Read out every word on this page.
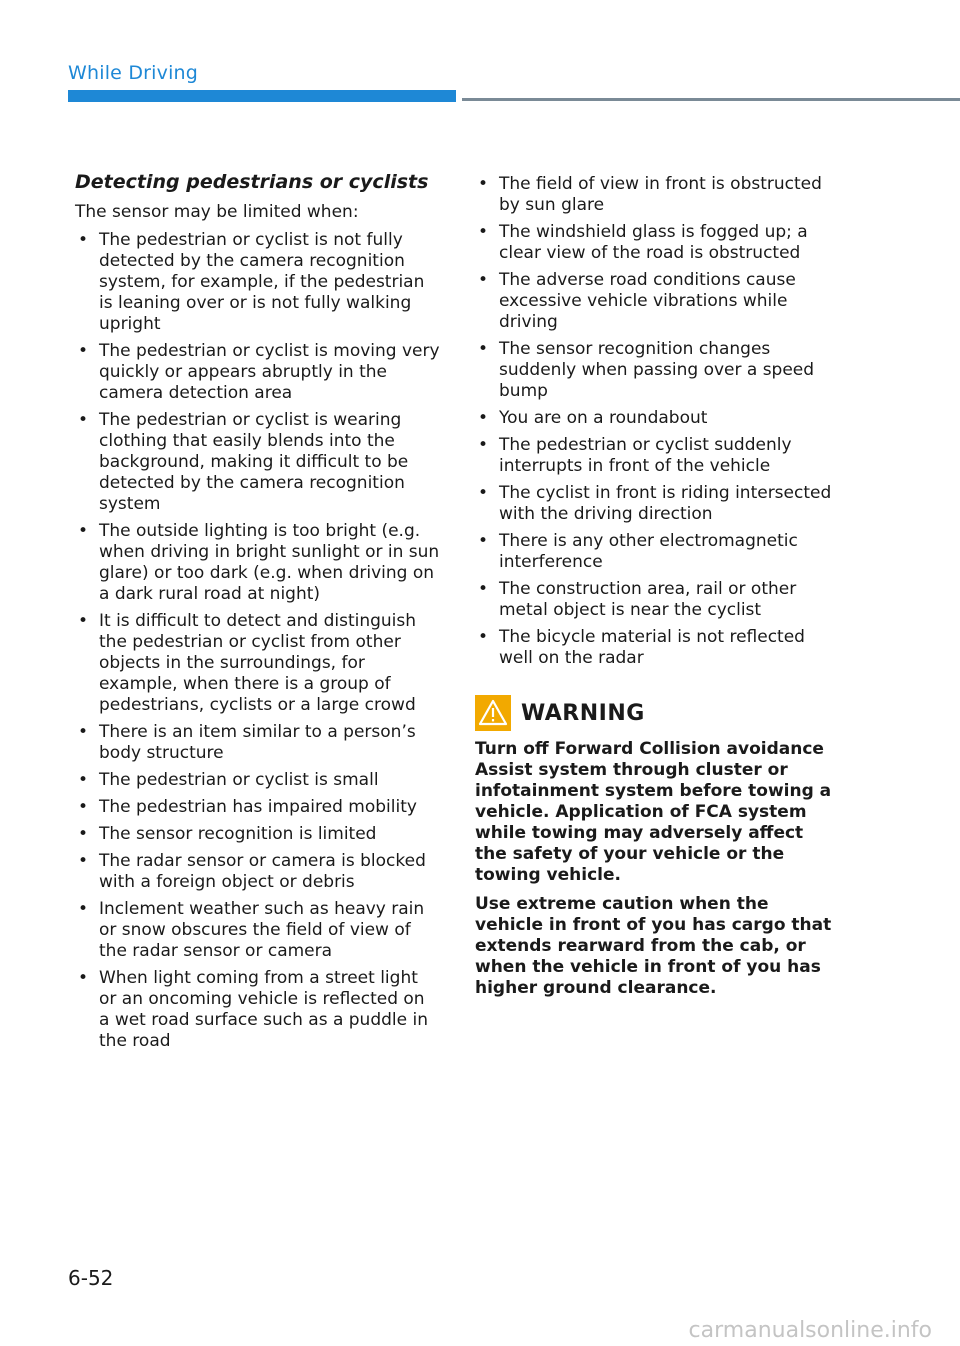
While Driving
Detecting pedestrians or cyclists

The sensor may be limited when:

• The pedestrian or cyclist is not fully detected by the camera recognition system, for example, if the pedestrian is leaning over or is not fully walking upright
• The pedestrian or cyclist is moving very quickly or appears abruptly in the camera detection area
• The pedestrian or cyclist is wearing clothing that easily blends into the background, making it difficult to be detected by the camera recognition system
• The outside lighting is too bright (e.g. when driving in bright sunlight or in sun glare) or too dark (e.g. when driving on a dark rural road at night)
• It is difficult to detect and distinguish the pedestrian or cyclist from other objects in the surroundings, for example, when there is a group of pedestrians, cyclists or a large crowd
• There is an item similar to a person’s body structure
• The pedestrian or cyclist is small
• The pedestrian has impaired mobility
• The sensor recognition is limited
• The radar sensor or camera is blocked with a foreign object or debris
• Inclement weather such as heavy rain or snow obscures the field of view of the radar sensor or camera
• When light coming from a street light or an oncoming vehicle is reflected on a wet road surface such as a puddle in the road
• The field of view in front is obstructed by sun glare
• The windshield glass is fogged up; a clear view of the road is obstructed
• The adverse road conditions cause excessive vehicle vibrations while driving
• The sensor recognition changes suddenly when passing over a speed bump
• You are on a roundabout
• The pedestrian or cyclist suddenly interrupts in front of the vehicle
• The cyclist in front is riding intersected with the driving direction
• There is any other electromagnetic interference
• The construction area, rail or other metal object is near the cyclist
• The bicycle material is not reflected well on the radar
WARNING

Turn off Forward Collision avoidance Assist system through cluster or infotainment system before towing a vehicle. Application of FCA system while towing may adversely affect the safety of your vehicle or the towing vehicle.

Use extreme caution when the vehicle in front of you has cargo that extends rearward from the cab, or when the vehicle in front of you has higher ground clearance.

6-52
carmanualsonline.info
